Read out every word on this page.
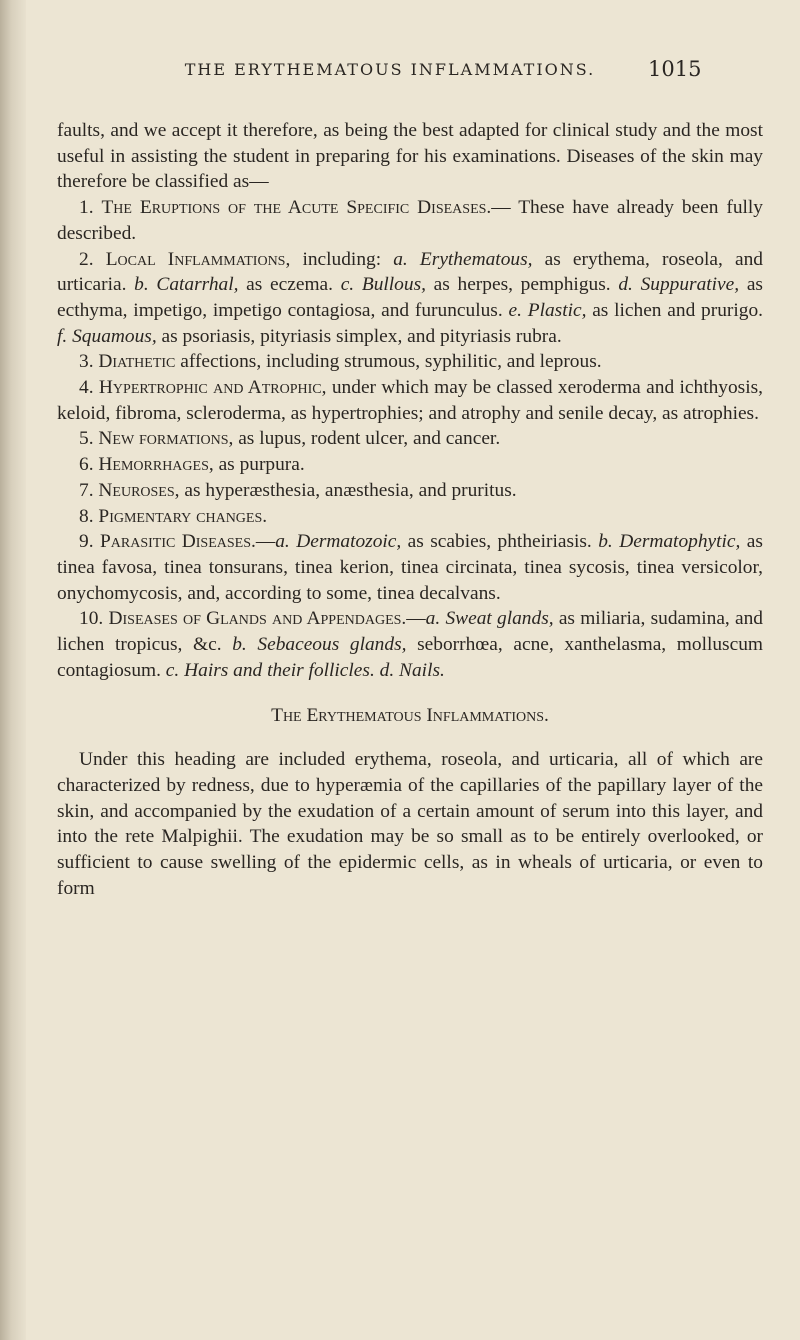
THE ERYTHEMATOUS INFLAMMATIONS.	1015

faults, and we accept it therefore, as being the best adapted for clinical study and the most useful in assisting the student in preparing for his examinations. Diseases of the skin may therefore be classified as—

1. The Eruptions of the Acute Specific Diseases.— These have already been fully described.

2. Local Inflammations, including: a. Erythematous, as erythema, roseola, and urticaria. b. Catarrhal, as eczema. c. Bullous, as herpes, pemphigus. d. Suppurative, as ecthyma, impetigo, impetigo contagiosa, and furunculus. e. Plastic, as lichen and prurigo. f. Squamous, as psoriasis, pityriasis simplex, and pityriasis rubra.

3. Diathetic affections, including strumous, syphilitic, and leprous.

4. Hypertrophic and Atrophic, under which may be classed xeroderma and ichthyosis, keloid, fibroma, scleroderma, as hypertrophies; and atrophy and senile decay, as atrophies.

5. New formations, as lupus, rodent ulcer, and cancer.

6. Hemorrhages, as purpura.

7. Neuroses, as hyperæsthesia, anæsthesia, and pruritus.

8. Pigmentary changes.

9. Parasitic Diseases.—a. Dermatozoic, as scabies, phtheiriasis. b. Dermatophytic, as tinea favosa, tinea tonsurans, tinea kerion, tinea circinata, tinea sycosis, tinea versicolor, onychomycosis, and, according to some, tinea decalvans.

10. Diseases of Glands and Appendages.—a. Sweat glands, as miliaria, sudamina, and lichen tropicus, &c. b. Sebaceous glands, seborrhœa, acne, xanthelasma, molluscum contagiosum. c. Hairs and their follicles. d. Nails.

The Erythematous Inflammations.

Under this heading are included erythema, roseola, and urticaria, all of which are characterized by redness, due to hyperæmia of the capillaries of the papillary layer of the skin, and accompanied by the exudation of a certain amount of serum into this layer, and into the rete Malpighii. The exudation may be so small as to be entirely overlooked, or sufficient to cause swelling of the epidermic cells, as in wheals of urticaria, or even to form
